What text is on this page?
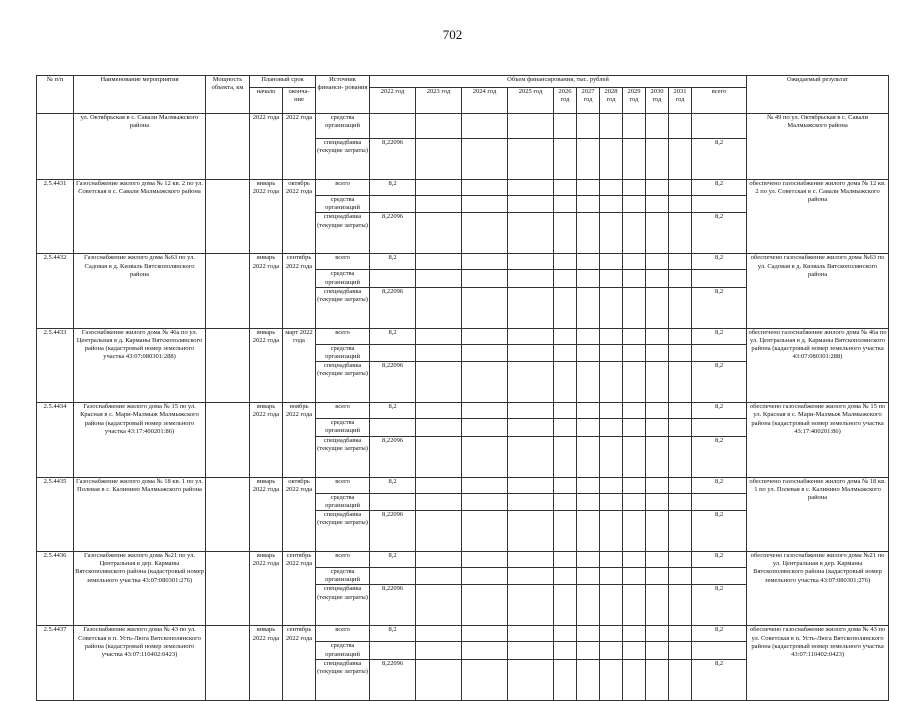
702
№ п/п	Наименование мероприятия	Мощность объекта, км	Плановый срок		Источник финанси- рования	Объем финансирования, тыс. рублей											Ожидаемый результат
			начало	оконча- ние		2022 год	2023 год	2024 год	2025 год	2026 год	2027 год	2028 год	2029 год	2030 год	2031 год	всего	
	ул. Октябрьская в с. Савали Малмыжского района		2022 года	2022 года	средства организаций												№ 49 по ул. Октябрьская в с. Савали Малмыжского района
					спецнадбавка (текущие затраты)	8,22096										8,2	
2.5.4431	Газоснабжение жилого дома № 12 кв. 2 по ул. Советская в с. Савали Малмыжского района		январь 2022 года	октябрь 2022 года	всего	8,2										8,2	обеспечено газоснабжение жилого дома № 12 кв. 2 по ул. Советская в с. Савали Малмыжского района
					средства организаций												
					спецнадбавка (текущие затраты)	8,22096										8,2	
2.5.4432	Газоснабжение жилого дома №63 по ул. Садовая в д. Кизваль Вятскополянского района		январь 2022 года	сентябрь 2022 года	всего	8,2										8,2	обеспечено газоснабжение жилого дома №63 по ул. Садовая в д. Кизваль Вятскополянского района
					средства организаций												
					спецнадбавка (текущие затраты)	8,22096										8,2	
2.5.4433	Газоснабжение жилого дома № 46а по ул. Центральная в д. Карманы Вятскополянского района (кадастровый номер земельного участка 43:07:080301:288)		январь 2022 года	март 2022 года	всего	8,2										8,2	обеспечено газоснабжение жилого дома № 46а по ул. Центральная в д. Карманы Вятскополянского района (кадастровый номер земельного участка 43:07:080301:288)
					средства организаций												
					спецнадбавка (текущие затраты)	8,22096										8,2	
2.5.4434	Газоснабжение жилого дома № 15 по ул. Красная в с. Мари-Малмыж Малмыжского района (кадастровый номер земельного участка 43:17:400201:86)		январь 2022 года	ноябрь 2022 года	всего	8,2										8,2	обеспечено газоснабжение жилого дома № 15 по ул. Красная в с. Мари-Малмыж Малмыжского района (кадастровый номер земельного участка 43:17:400201:86)
					средства организаций												
					спецнадбавка (текущие затраты)	8,22096										8,2	
2.5.4435	Газоснабжение жилого дома № 18 кв. 1 по ул. Полевая в с. Калинино Малмыжского района		январь 2022 года	октябрь 2022 года	всего	8,2										8,2	обеспечено газоснабжение жилого дома № 18 кв. 1 по ул. Полевая в с. Калинино Малмыжского района
					средства организаций												
					спецнадбавка (текущие затраты)	8,22096										8,2	
2.5.4436	Газоснабжение жилого дома №21 по ул. Центральная в дер. Карманы Вятскополянского района (кадастровый номер земельного участка 43:07:080301:276)		январь 2022 года	сентябрь 2022 года	всего	8,2										8,2	обеспечено газоснабжение жилого дома №21 по ул. Центральная в дер. Карманы Вятскополянского района (кадастровый номер земельного участка 43:07:080301:276)
					средства организаций												
					спецнадбавка (текущие затраты)	8,22096										8,2	
2.5.4437	Газоснабжение жилого дома № 43 по ул. Советская в п. Усть-Люга Вятскополянского района (кадастровый номер земельного участка 43:07:110402:0423)		январь 2022 года	сентябрь 2022 года	всего	8,2										8,2	обеспечено газоснабжение жилого дома № 43 по ул. Советская в п. Усть-Люга Вятскополянского района (кадастровый номер земельного участка 43:07:110402:0423)
					средства организаций												
					спецнадбавка (текущие затраты)	8,22096										8,2	
